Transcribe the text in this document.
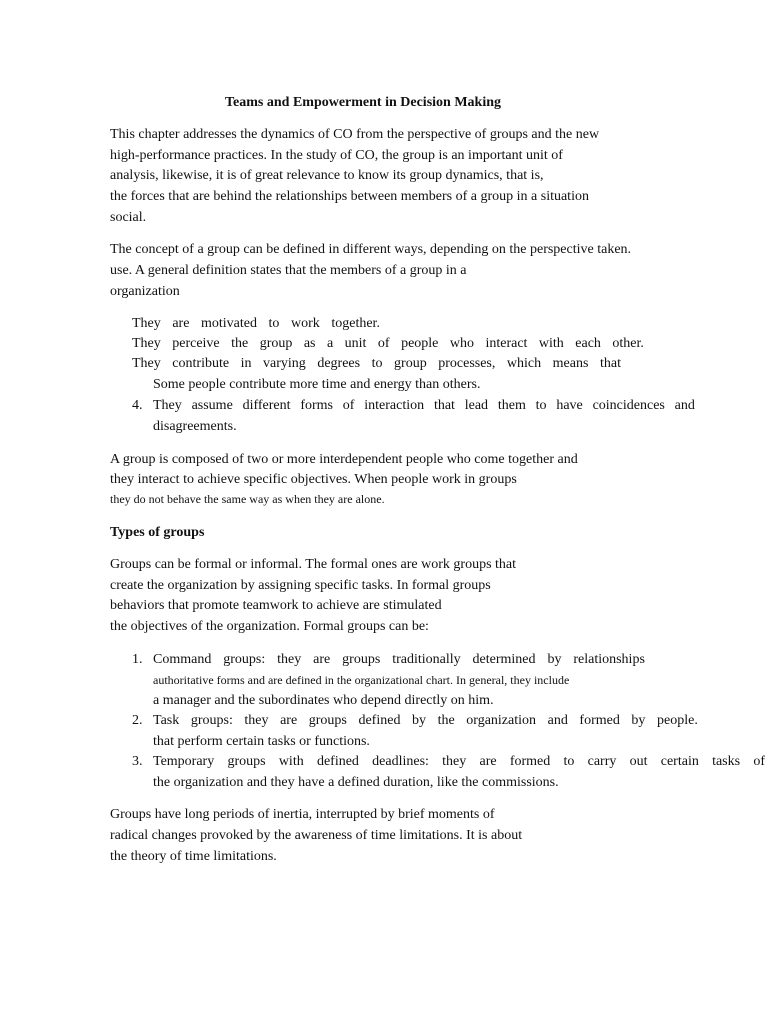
Teams and Empowerment in Decision Making
This chapter addresses the dynamics of CO from the perspective of groups and the new
high-performance practices. In the study of CO, the group is an important unit of
analysis, likewise, it is of great relevance to know its group dynamics, that is,
the forces that are behind the relationships between members of a group in a situation
social.
The concept of a group can be defined in different ways, depending on the perspective taken.
use. A general definition states that the members of a group in a
organization
They are motivated to work together.
They perceive the group as a unit of people who interact with each other.
They contribute in varying degrees to group processes, which means that
Some people contribute more time and energy than others.
4. They assume different forms of interaction that lead them to have coincidences and
disagreements.
A group is composed of two or more interdependent people who come together and
they interact to achieve specific objectives. When people work in groups
they do not behave the same way as when they are alone.
Types of groups
Groups can be formal or informal. The formal ones are work groups that
create the organization by assigning specific tasks. In formal groups
behaviors that promote teamwork to achieve are stimulated
the objectives of the organization. Formal groups can be:
1. Command groups: they are groups traditionally determined by relationships
authoritative forms and are defined in the organizational chart. In general, they include
a manager and the subordinates who depend directly on him.
2. Task groups: they are groups defined by the organization and formed by people.
that perform certain tasks or functions.
3. Temporary groups with defined deadlines: they are formed to carry out certain tasks of
the organization and they have a defined duration, like the commissions.
Groups have long periods of inertia, interrupted by brief moments of
radical changes provoked by the awareness of time limitations. It is about
the theory of time limitations.
